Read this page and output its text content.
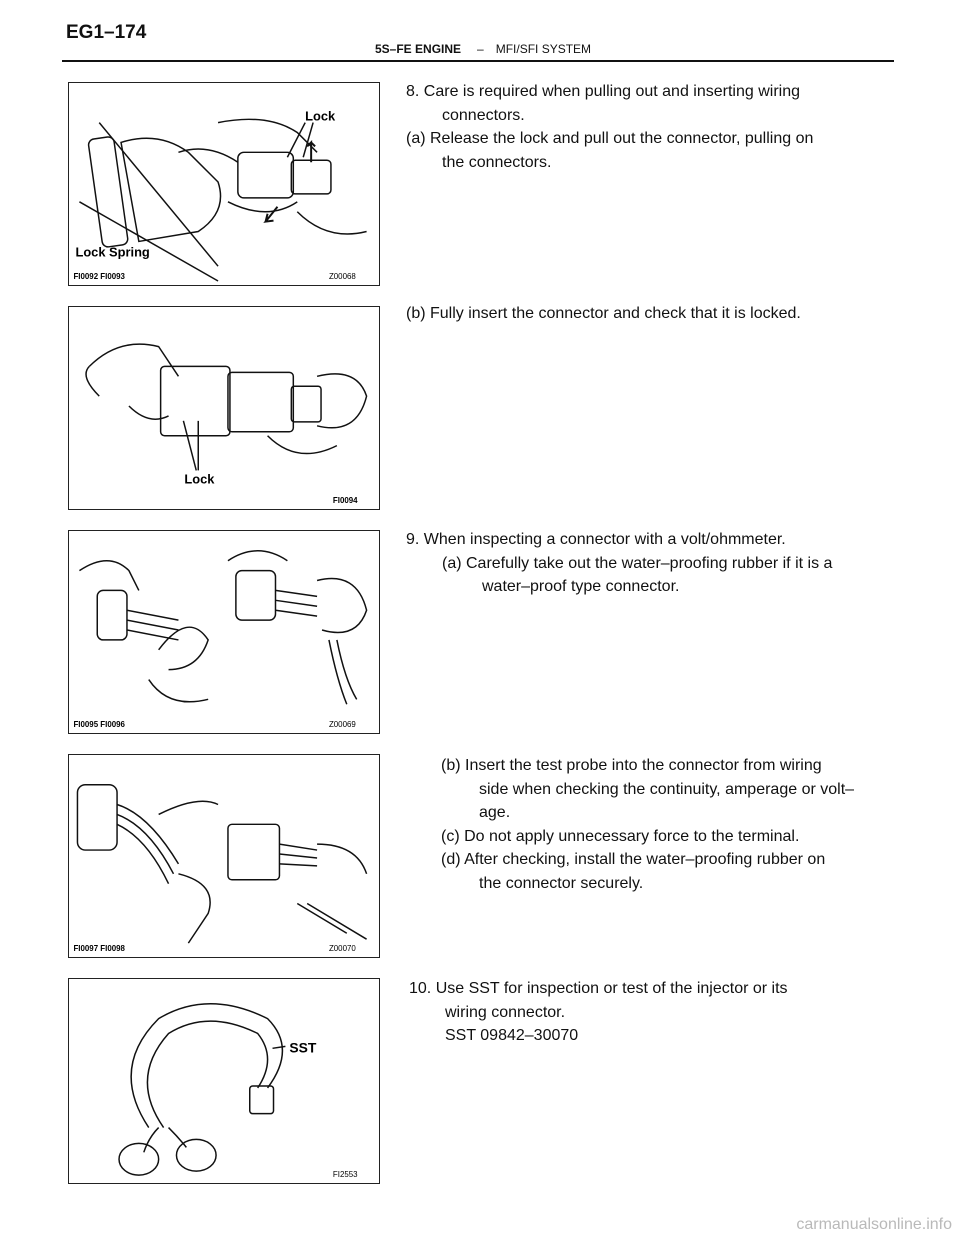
EG1–174
5S–FE ENGINE – MFI/SFI SYSTEM
Lock
Lock Spring
FI0092 FI0093	Z00068
Lock
FI0094
FI0095 FI0096	Z00069
FI0097 FI0098	Z00070
SST
FI2553

8. Care is required when pulling out and inserting wiring

connectors.

(a) Release the lock and pull out the connector, pulling on

the connectors.

(b) Fully insert the connector and check that it is locked.

9. When inspecting a connector with a volt/ohmmeter.

(a) Carefully take out the water–proofing rubber if it is a

water–proof type connector.

(b) Insert the test probe into the connector from wiring

side when checking the continuity, amperage or volt–

age.

(c) Do not apply unnecessary force to the terminal.

(d) After checking, install the water–proofing rubber on

the connector securely.

10. Use SST for inspection or test of the injector or its

wiring connector.

SST 09842–30070

carmanualsonline.info
